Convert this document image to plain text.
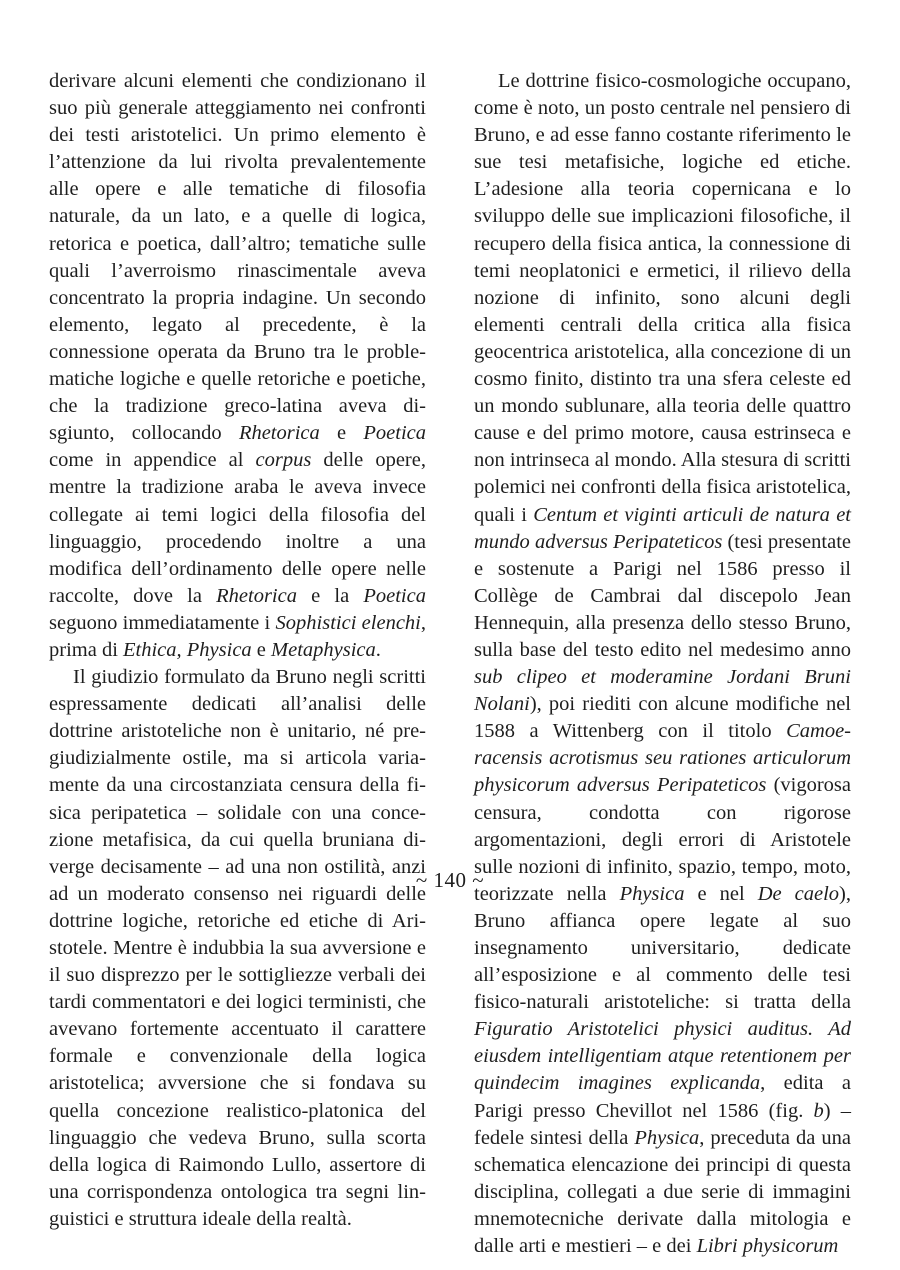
derivare alcuni elementi che condizionano il suo più generale atteggiamento nei confronti dei testi aristotelici. Un primo elemento è l’attenzione da lui rivolta prevalentemente alle opere e alle tematiche di filosofia naturale, da un lato, e a quelle di logica, retorica e poetica, dall’altro; tematiche sulle quali l’averroismo rinascimentale aveva concentrato la propria indagine. Un secondo elemento, legato al precedente, è la connessione operata da Bruno tra le problematiche logiche e quelle retoriche e poetiche, che la tradizione greco-latina aveva disgiunto, collocando Rhetorica e Poetica come in appendice al corpus delle opere, mentre la tradizione araba le aveva invece collegate ai temi logici della filosofia del linguaggio, procedendo inoltre a una modifica dell’ordinamento delle opere nelle raccolte, dove la Rhetorica e la Poetica seguono immediatamente i Sophistici elenchi, prima di Ethica, Physica e Metaphysica.

Il giudizio formulato da Bruno negli scritti espressamente dedicati all’analisi delle dottrine aristoteliche non è unitario, né pregiudizialmente ostile, ma si articola variamente da una circostanziata censura della fisica peripatetica – solidale con una concezione metafisica, da cui quella bruniana diverge decisamente – ad una non ostilità, anzi ad un moderato consenso nei riguardi delle dottrine logiche, retoriche ed etiche di Aristotele. Mentre è indubbia la sua avversione e il suo disprezzo per le sottigliezze verbali dei tardi commentatori e dei logici terministi, che avevano fortemente accentuato il carattere formale e convenzionale della logica aristotelica; avversione che si fondava su quella concezione realistico-platonica del linguaggio che vedeva Bruno, sulla scorta della logica di Raimondo Lullo, assertore di una corrispondenza ontologica tra segni linguistici e struttura ideale della realtà.

Le dottrine fisico-cosmologiche occupano, come è noto, un posto centrale nel pensiero di Bruno, e ad esse fanno costante riferimento le sue tesi metafisiche, logiche ed etiche. L’adesione alla teoria copernicana e lo sviluppo delle sue implicazioni filosofiche, il recupero della fisica antica, la connessione di temi neoplatonici e ermetici, il rilievo della nozione di infinito, sono alcuni degli elementi centrali della critica alla fisica geocentrica aristotelica, alla concezione di un cosmo finito, distinto tra una sfera celeste ed un mondo sublunare, alla teoria delle quattro cause e del primo motore, causa estrinseca e non intrinseca al mondo. Alla stesura di scritti polemici nei confronti della fisica aristotelica, quali i Centum et viginti articuli de natura et mundo adversus Peripateticos (tesi presentate e sostenute a Parigi nel 1586 presso il Collège de Cambrai dal discepolo Jean Hennequin, alla presenza dello stesso Bruno, sulla base del testo edito nel medesimo anno sub clipeo et moderamine Jordani Bruni Nolani), poi riediti con alcune modifiche nel 1588 a Wittenberg con il titolo Camoeracensis acrotismus seu rationes articulorum physicorum adversus Peripateticos (vigorosa censura, condotta con rigorose argomentazioni, degli errori di Aristotele sulle nozioni di infinito, spazio, tempo, moto, teorizzate nella Physica e nel De caelo), Bruno affianca opere legate al suo insegnamento universitario, dedicate all’esposizione e al commento delle tesi fisico-naturali aristoteliche: si tratta della Figuratio Aristotelici physici auditus. Ad eiusdem intelligentiam atque retentionem per quindecim imagines explicanda, edita a Parigi presso Chevillot nel 1586 (fig. b) – fedele sintesi della Physica, preceduta da una schematica elencazione dei principi di questa disciplina, collegati a due serie di immagini mnemotecniche derivate dalla mitologia e dalle arti e mestieri – e dei Libri physicorum

~ 140 ~
